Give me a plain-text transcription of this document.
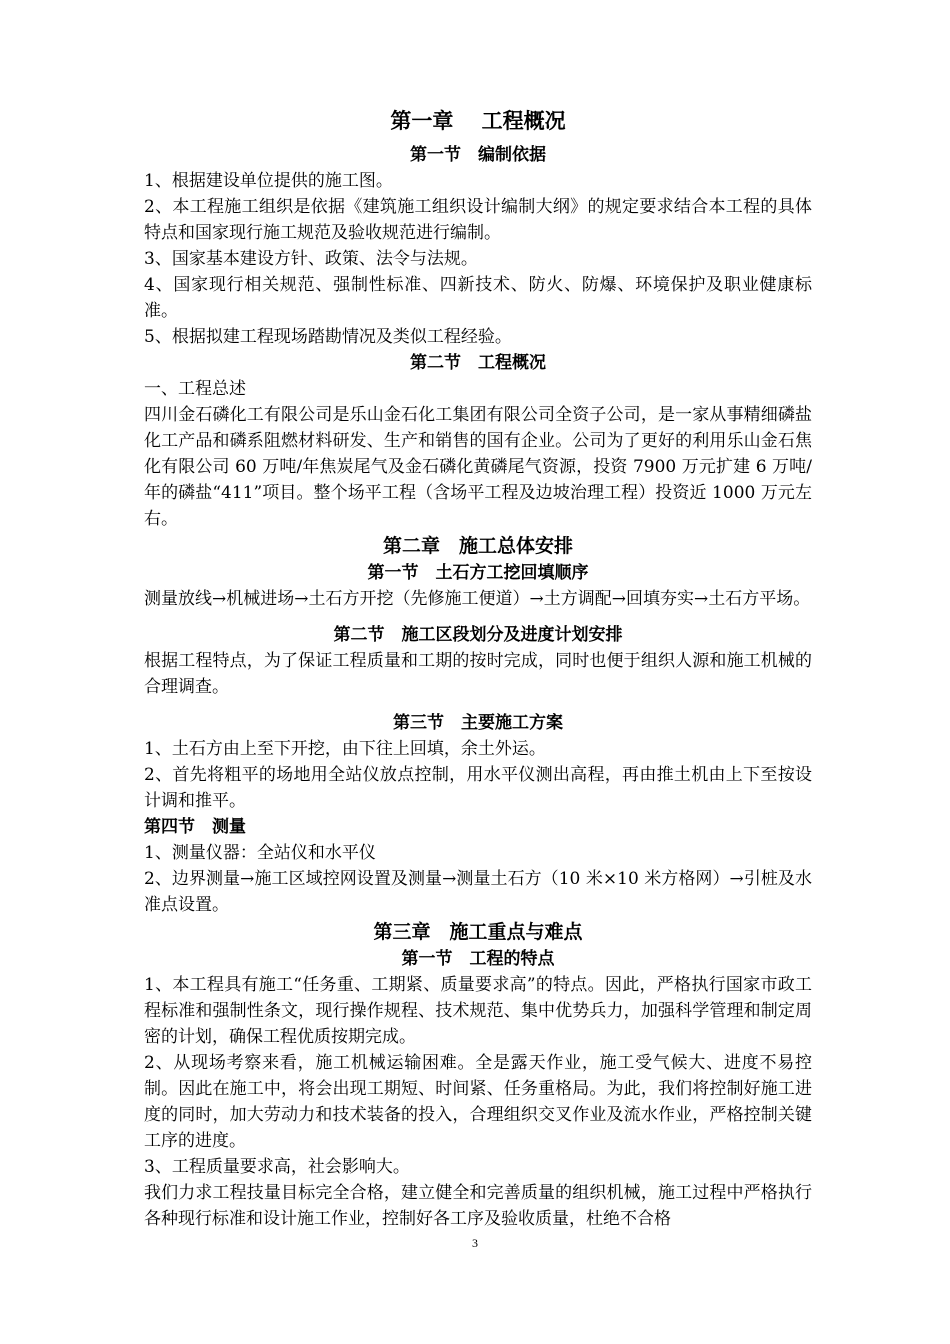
第一章　 工程概况
第一节　编制依据

1、根据建设单位提供的施工图。

2、本工程施工组织是依据《建筑施工组织设计编制大纲》的规定要求结合本工程的具体特点和国家现行施工规范及验收规范进行编制。

3、国家基本建设方针、政策、法令与法规。

4、国家现行相关规范、强制性标准、四新技术、防火、防爆、环境保护及职业健康标准。

5、根据拟建工程现场踏勘情况及类似工程经验。

第二节　工程概况

一、工程总述

四川金石磷化工有限公司是乐山金石化工集团有限公司全资子公司，是一家从事精细磷盐化工产品和磷系阻燃材料研发、生产和销售的国有企业。公司为了更好的利用乐山金石焦化有限公司 60 万吨/年焦炭尾气及金石磷化黄磷尾气资源，投资 7900 万元扩建 6 万吨/年的磷盐“411”项目。整个场平工程（含场平工程及边坡治理工程）投资近 1000 万元左右。

第二章　施工总体安排
第一节　土石方工挖回填顺序

测量放线→机械进场→土石方开挖（先修施工便道）→土方调配→回填夯实→土石方平场。

第二节　施工区段划分及进度计划安排

根据工程特点，为了保证工程质量和工期的按时完成，同时也便于组织人源和施工机械的合理调查。

第三节　主要施工方案

1、土石方由上至下开挖，由下往上回填，余土外运。

2、首先将粗平的场地用全站仪放点控制，用水平仪测出高程，再由推土机由上下至按设计调和推平。

第四节　测量

1、测量仪器：全站仪和水平仪

2、边界测量→施工区域控网设置及测量→测量土石方（10 米×10 米方格网）→引桩及水准点设置。

第三章　施工重点与难点
第一节　工程的特点

1、本工程具有施工“任务重、工期紧、质量要求高”的特点。因此，严格执行国家市政工程标准和强制性条文，现行操作规程、技术规范、集中优势兵力，加强科学管理和制定周密的计划，确保工程优质按期完成。

2、从现场考察来看，施工机械运输困难。全是露天作业，施工受气候大、进度不易控制。因此在施工中，将会出现工期短、时间紧、任务重格局。为此，我们将控制好施工进度的同时，加大劳动力和技术装备的投入，合理组织交叉作业及流水作业，严格控制关键工序的进度。

3、工程质量要求高，社会影响大。

我们力求工程技量目标完全合格，建立健全和完善质量的组织机械，施工过程中严格执行各种现行标准和设计施工作业，控制好各工序及验收质量，杜绝不合格

3
